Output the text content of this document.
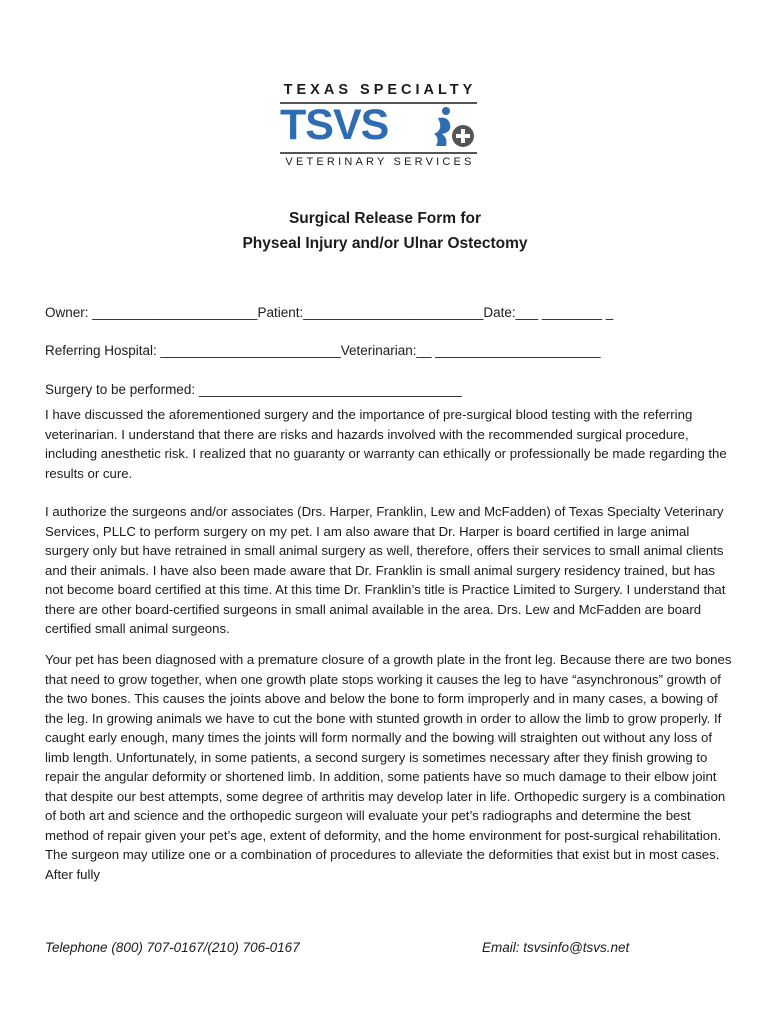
TEXAS SPECIALTY
TSVS
VETERINARY SERVICES
Surgical Release Form for
Physeal Injury and/or Ulnar Ostectomy
Owner: ______________________Patient:________________________Date:___ ________ _
Referring Hospital: ________________________Veterinarian:__ ______________________
Surgery to be performed: ___________________________________

I have discussed the aforementioned surgery and the importance of pre-surgical blood testing with the referring veterinarian. I understand that there are risks and hazards involved with the recommended surgical procedure, including anesthetic risk. I realized that no guaranty or warranty can ethically or professionally be made regarding the results or cure.

I authorize the surgeons and/or associates (Drs. Harper, Franklin, Lew and McFadden) of Texas Specialty Veterinary Services, PLLC to perform surgery on my pet. I am also aware that Dr. Harper is board certified in large animal surgery only but have retrained in small animal surgery as well, therefore, offers their services to small animal clients and their animals. I have also been made aware that Dr. Franklin is small animal surgery residency trained, but has not become board certified at this time. At this time Dr. Franklin’s title is Practice Limited to Surgery. I understand that there are other board-certified surgeons in small animal available in the area. Drs. Lew and McFadden are board certified small animal surgeons.

Your pet has been diagnosed with a premature closure of a growth plate in the front leg. Because there are two bones that need to grow together, when one growth plate stops working it causes the leg to have “asynchronous” growth of the two bones. This causes the joints above and below the bone to form improperly and in many cases, a bowing of the leg. In growing animals we have to cut the bone with stunted growth in order to allow the limb to grow properly. If caught early enough, many times the joints will form normally and the bowing will straighten out without any loss of limb length. Unfortunately, in some patients, a second surgery is sometimes necessary after they finish growing to repair the angular deformity or shortened limb. In addition, some patients have so much damage to their elbow joint that despite our best attempts, some degree of arthritis may develop later in life. Orthopedic surgery is a combination of both art and science and the orthopedic surgeon will evaluate your pet’s radiographs and determine the best method of repair given your pet’s age, extent of deformity, and the home environment for post-surgical rehabilitation. The surgeon may utilize one or a combination of procedures to alleviate the deformities that exist but in most cases. After fully

Telephone (800) 707-0167/(210) 706-0167	Email: tsvsinfo@tsvs.net
